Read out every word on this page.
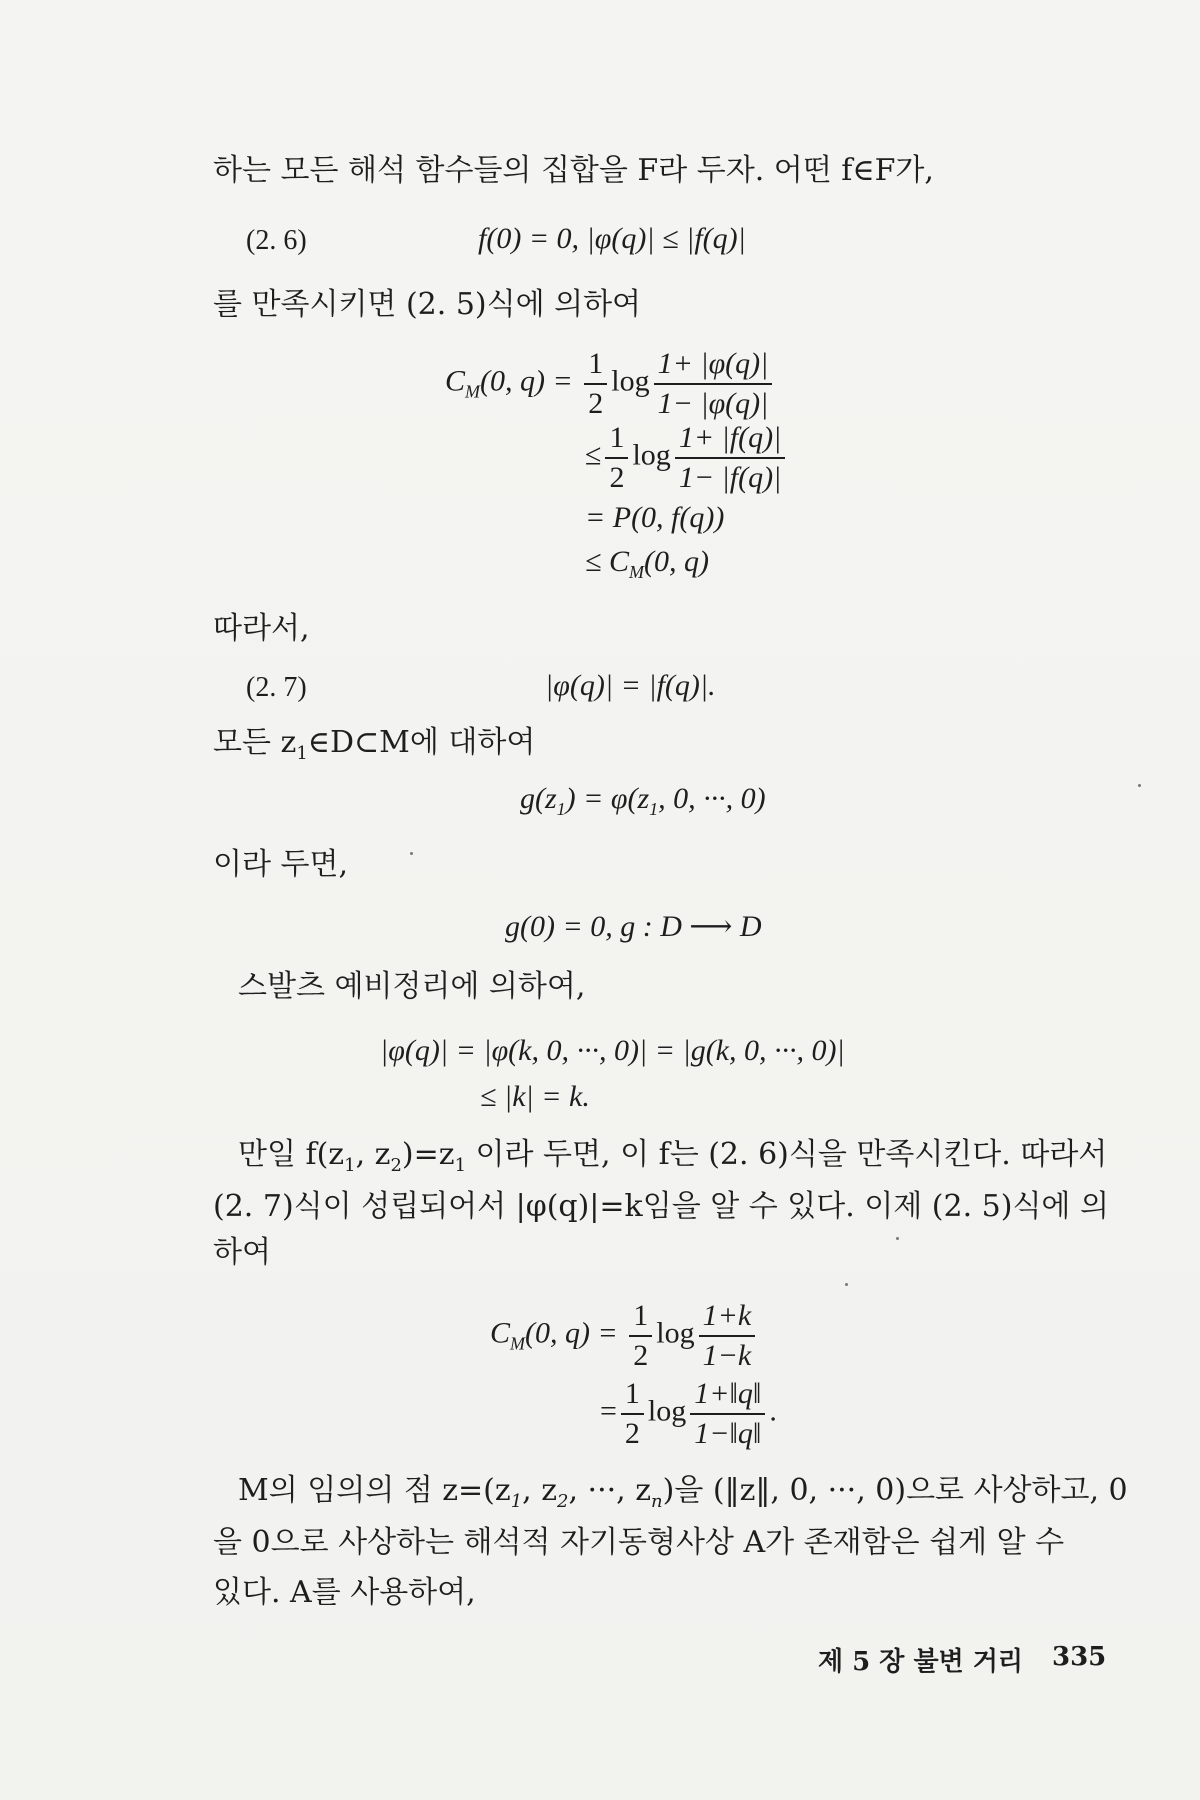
하는 모든 해석 함수들의 집합을 F라 두자. 어떤 f∈F가,
(2. 6)	f(0) = 0, |φ(q)| ≤ |f(q)|
를 만족시키면 (2. 5)식에 의하여
$C_M(0$, $q) = \frac{1}{2}$ $\log \frac{1+ |\varphi(q)|}{1- |\varphi(q)|}$
≤ $\frac{1}{2}$ $\log \frac{1+ |f(q)|}{1- |f(q)|}$
= P(0, f(q))
≤ $C_M(0$, q)
따라서,
(2. 7)	|φ(q)| = |f(q)|.
모든 $z_1\in D\subset M$에 대하여
$g(z_1) = \varphi(z_1$, 0, ···, 0)
이라 두면,
g(0) = 0, g : D ⟶ D
스발츠 예비정리에 의하여,
|φ(q)| = |φ(k, 0, ···, 0)| = |g(k, 0, ···, 0)|
≤ |k| = k.
만일 $f(z_1$, $z_2)=z_1$ 이라 두면, 이 f는 (2. 6)식을 만족시킨다. 따라서
(2. 7)식이 성립되어서 |φ(q)|=k임을 알 수 있다. 이제 (2. 5)식에 의
하여
$C_M(0$, $q) = \frac{1}{2}$ $\log \frac{1+k}{1-k}$
= $\frac{1}{2}$ $\log \frac{1+‖q‖}{1-‖q‖}$ .
M의 임의의 점 $z=(z_1$, $z_2$, ···, $z_n$)을 (‖z‖, 0, ···, 0)으로 사상하고, 0
을 0으로 사상하는 해석적 자기동형사상 A가 존재함은 쉽게 알 수
있다. A를 사용하여,
제 5 장 불변 거리 335
